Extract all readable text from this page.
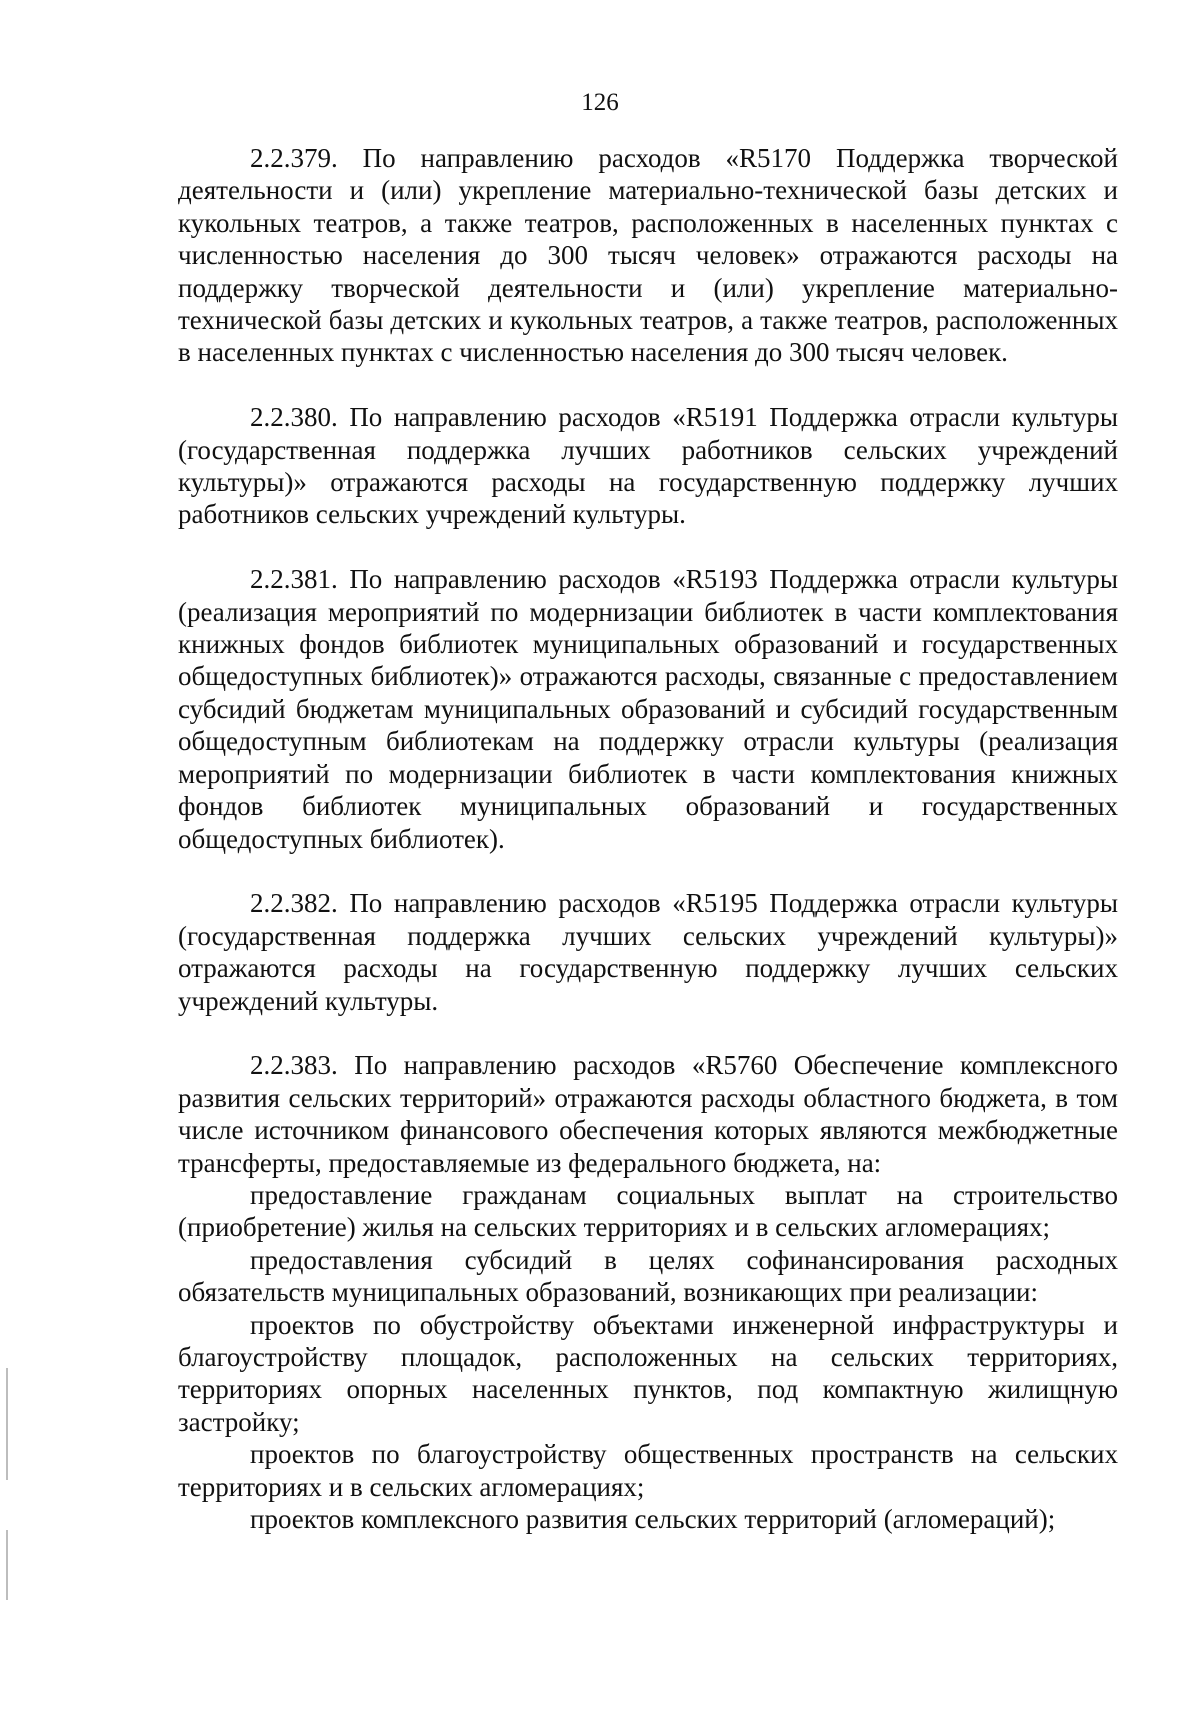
126

2.2.379. По направлению расходов «R5170 Поддержка творческой деятельности и (или) укрепление материально-технической базы детских и кукольных театров, а также театров, расположенных в населенных пунктах с численностью населения до 300 тысяч человек» отражаются расходы на поддержку творческой деятельности и (или) укрепление материально-технической базы детских и кукольных театров, а также театров, расположенных в населенных пунктах с численностью населения до 300 тысяч человек.

2.2.380. По направлению расходов «R5191 Поддержка отрасли культуры (государственная поддержка лучших работников сельских учреждений культуры)» отражаются расходы на государственную поддержку лучших работников сельских учреждений культуры.

2.2.381. По направлению расходов «R5193 Поддержка отрасли культуры (реализация мероприятий по модернизации библиотек в части комплектования книжных фондов библиотек муниципальных образований и государственных общедоступных библиотек)» отражаются расходы, связанные с предоставлением субсидий бюджетам муниципальных образований и субсидий государственным общедоступным библиотекам на поддержку отрасли культуры (реализация мероприятий по модернизации библиотек в части комплектования книжных фондов библиотек муниципальных образований и государственных общедоступных библиотек).

2.2.382. По направлению расходов «R5195 Поддержка отрасли культуры (государственная поддержка лучших сельских учреждений культуры)» отражаются расходы на государственную поддержку лучших сельских учреждений культуры.

2.2.383. По направлению расходов «R5760 Обеспечение комплексного развития сельских территорий» отражаются расходы областного бюджета, в том числе источником финансового обеспечения которых являются межбюджетные трансферты, предоставляемые из федерального бюджета, на:

предоставление гражданам социальных выплат на строительство (приобретение) жилья на сельских территориях и в сельских агломерациях;

предоставления субсидий в целях софинансирования расходных обязательств муниципальных образований, возникающих при реализации:

проектов по обустройству объектами инженерной инфраструктуры и благоустройству площадок, расположенных на сельских территориях, территориях опорных населенных пунктов, под компактную жилищную застройку;

проектов по благоустройству общественных пространств на сельских территориях и в сельских агломерациях;

проектов комплексного развития сельских территорий (агломераций);
